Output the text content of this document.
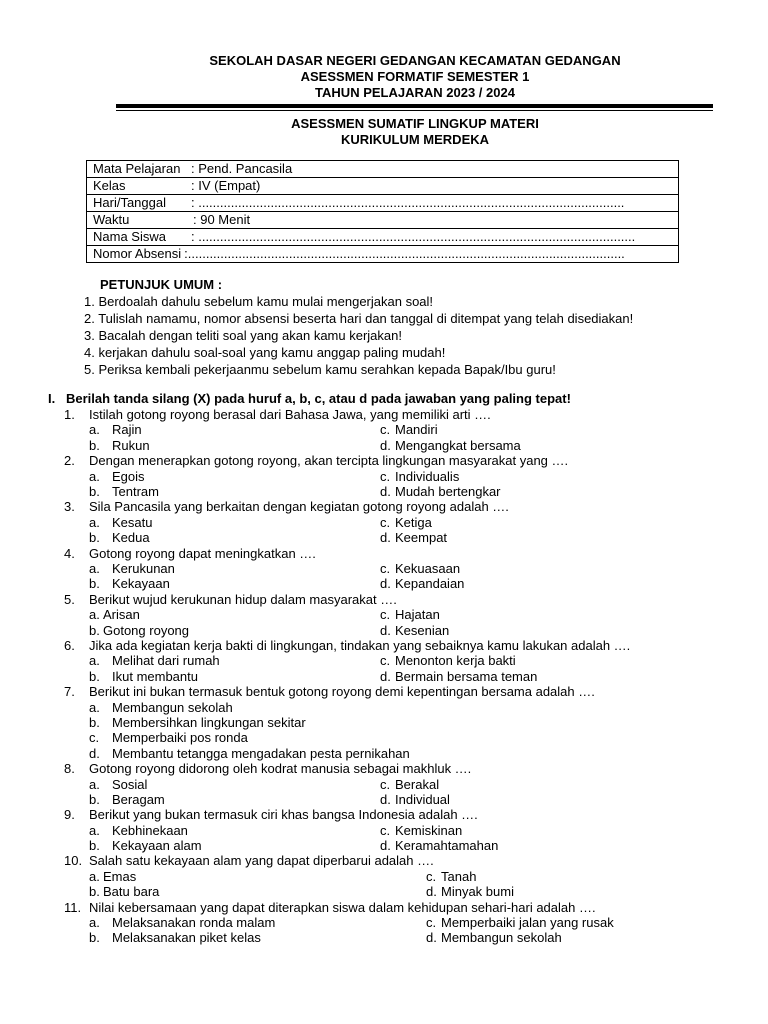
SEKOLAH DASAR NEGERI GEDANGAN KECAMATAN GEDANGAN
ASESSMEN FORMATIF SEMESTER 1
TAHUN PELAJARAN 2023 / 2024
ASESSMEN SUMATIF LINGKUP MATERI
KURIKULUM MERDEKA
Mata Pelajaran : Pend. Pancasila
Kelas	: IV (Empat)
Hari/Tanggal : ......................................................................................................................
Waktu	: 90 Menit
Nama Siswa : .........................................................................................................................
Nomor Absensi :.........................................................................................................................
PETUNJUK UMUM :
1. Berdoalah dahulu sebelum kamu mulai mengerjakan soal!
2. Tulislah namamu, nomor absensi beserta hari dan tanggal di ditempat yang telah disediakan!
3. Bacalah dengan teliti soal yang akan kamu kerjakan!
4. kerjakan dahulu soal-soal yang kamu anggap paling mudah!
5. Periksa kembali pekerjaanmu sebelum kamu serahkan kepada Bapak/Ibu guru!
I. Berilah tanda silang (X) pada huruf a, b, c, atau d pada jawaban yang paling tepat!
1. Istilah gotong royong berasal dari Bahasa Jawa, yang memiliki arti ….
a. Rajin	c. Mandiri
b. Rukun	d. Mengangkat bersama
2. Dengan menerapkan gotong royong, akan tercipta lingkungan masyarakat yang ….
a. Egois	c. Individualis
b. Tentram	d. Mudah bertengkar
3. Sila Pancasila yang berkaitan dengan kegiatan gotong royong adalah ….
a. Kesatu	c. Ketiga
b. Kedua	d. Keempat
4. Gotong royong dapat meningkatkan ….
a. Kerukunan	c. Kekuasaan
b. Kekayaan	d. Kepandaian
5. Berikut wujud kerukunan hidup dalam masyarakat ….
a. Arisan	c. Hajatan
b. Gotong royong	d. Kesenian
6. Jika ada kegiatan kerja bakti di lingkungan, tindakan yang sebaiknya kamu lakukan adalah ….
a. Melihat dari rumah	c. Menonton kerja bakti
b. Ikut membantu	d. Bermain bersama teman
7. Berikut ini bukan termasuk bentuk gotong royong demi kepentingan bersama adalah ….
a. Membangun sekolah
b. Membersihkan lingkungan sekitar
c. Memperbaiki pos ronda
d. Membantu tetangga mengadakan pesta pernikahan
8. Gotong royong didorong oleh kodrat manusia sebagai makhluk ….
a. Sosial	c. Berakal
b. Beragam	d. Individual
9. Berikut yang bukan termasuk ciri khas bangsa Indonesia adalah ….
a. Kebhinekaan	c. Kemiskinan
b. Kekayaan alam	d. Keramahtamahan
10. Salah satu kekayaan alam yang dapat diperbarui adalah ….
a. Emas	c. Tanah
b. Batu bara	d. Minyak bumi
11. Nilai kebersamaan yang dapat diterapkan siswa dalam kehidupan sehari-hari adalah ….
a. Melaksanakan ronda malam	c. Memperbaiki jalan yang rusak
b. Melaksanakan piket kelas	d. Membangun sekolah
